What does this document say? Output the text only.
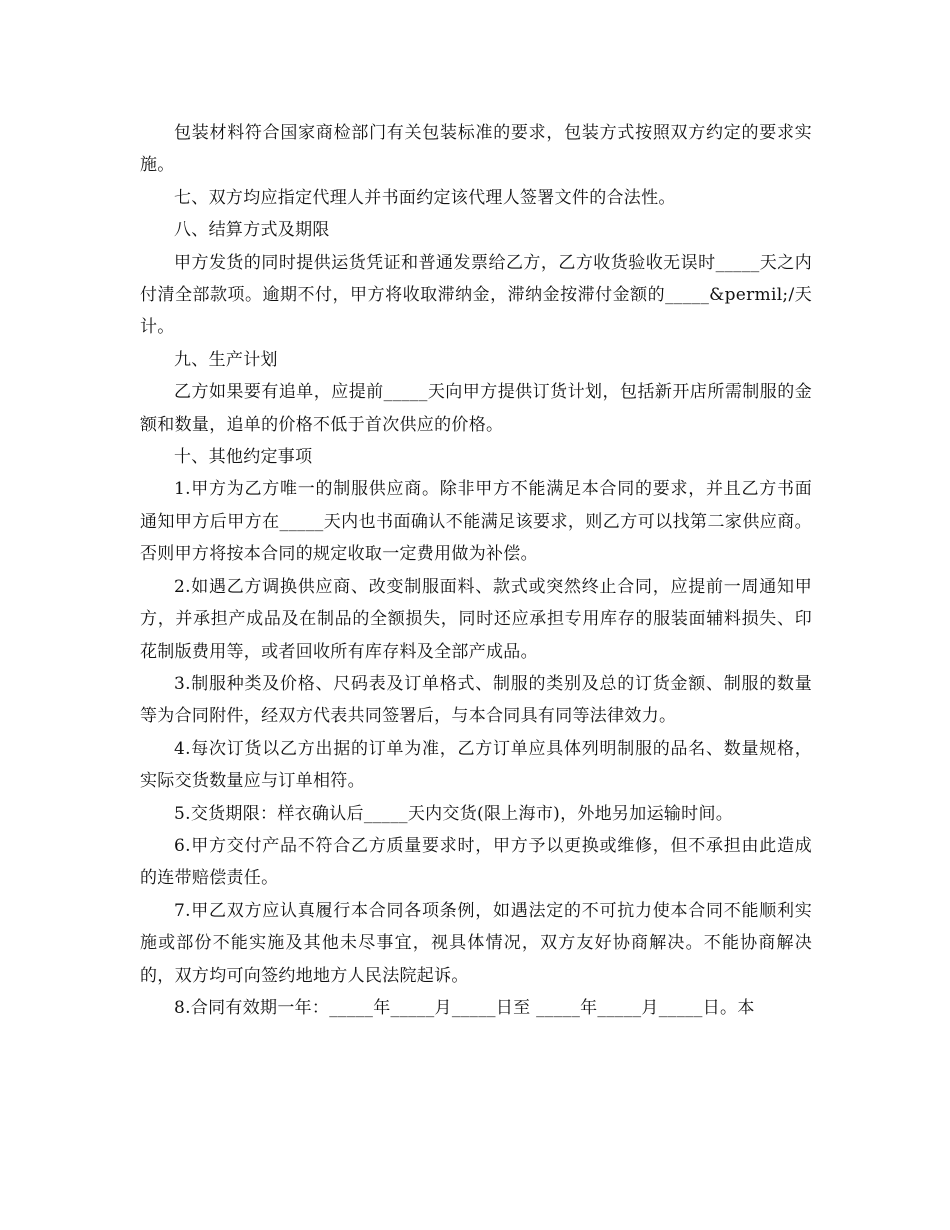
包装材料符合国家商检部门有关包装标准的要求，包装方式按照双方约定的要求实施。

七、双方均应指定代理人并书面约定该代理人签署文件的合法性。

八、结算方式及期限

甲方发货的同时提供运货凭证和普通发票给乙方，乙方收货验收无误时_____天之内付清全部款项。逾期不付，甲方将收取滞纳金，滞纳金按滞付金额的_____&permil;/天计。

九、生产计划

乙方如果要有追单，应提前_____天向甲方提供订货计划，包括新开店所需制服的金额和数量，追单的价格不低于首次供应的价格。

十、其他约定事项

1.甲方为乙方唯一的制服供应商。除非甲方不能满足本合同的要求，并且乙方书面通知甲方后甲方在_____天内也书面确认不能满足该要求，则乙方可以找第二家供应商。否则甲方将按本合同的规定收取一定费用做为补偿。

2.如遇乙方调换供应商、改变制服面料、款式或突然终止合同，应提前一周通知甲方，并承担产成品及在制品的全额损失，同时还应承担专用库存的服装面辅料损失、印花制版费用等，或者回收所有库存料及全部产成品。

3.制服种类及价格、尺码表及订单格式、制服的类别及总的订货金额、制服的数量等为合同附件，经双方代表共同签署后，与本合同具有同等法律效力。

4.每次订货以乙方出据的订单为准，乙方订单应具体列明制服的品名、数量规格，实际交货数量应与订单相符。

5.交货期限：样衣确认后_____天内交货(限上海市)，外地另加运输时间。

6.甲方交付产品不符合乙方质量要求时，甲方予以更换或维修，但不承担由此造成的连带赔偿责任。

7.甲乙双方应认真履行本合同各项条例，如遇法定的不可抗力使本合同不能顺利实施或部份不能实施及其他未尽事宜，视具体情况，双方友好协商解决。不能协商解决的，双方均可向签约地地方人民法院起诉。

8.合同有效期一年：_____年_____月_____日至 _____年_____月_____日。本
